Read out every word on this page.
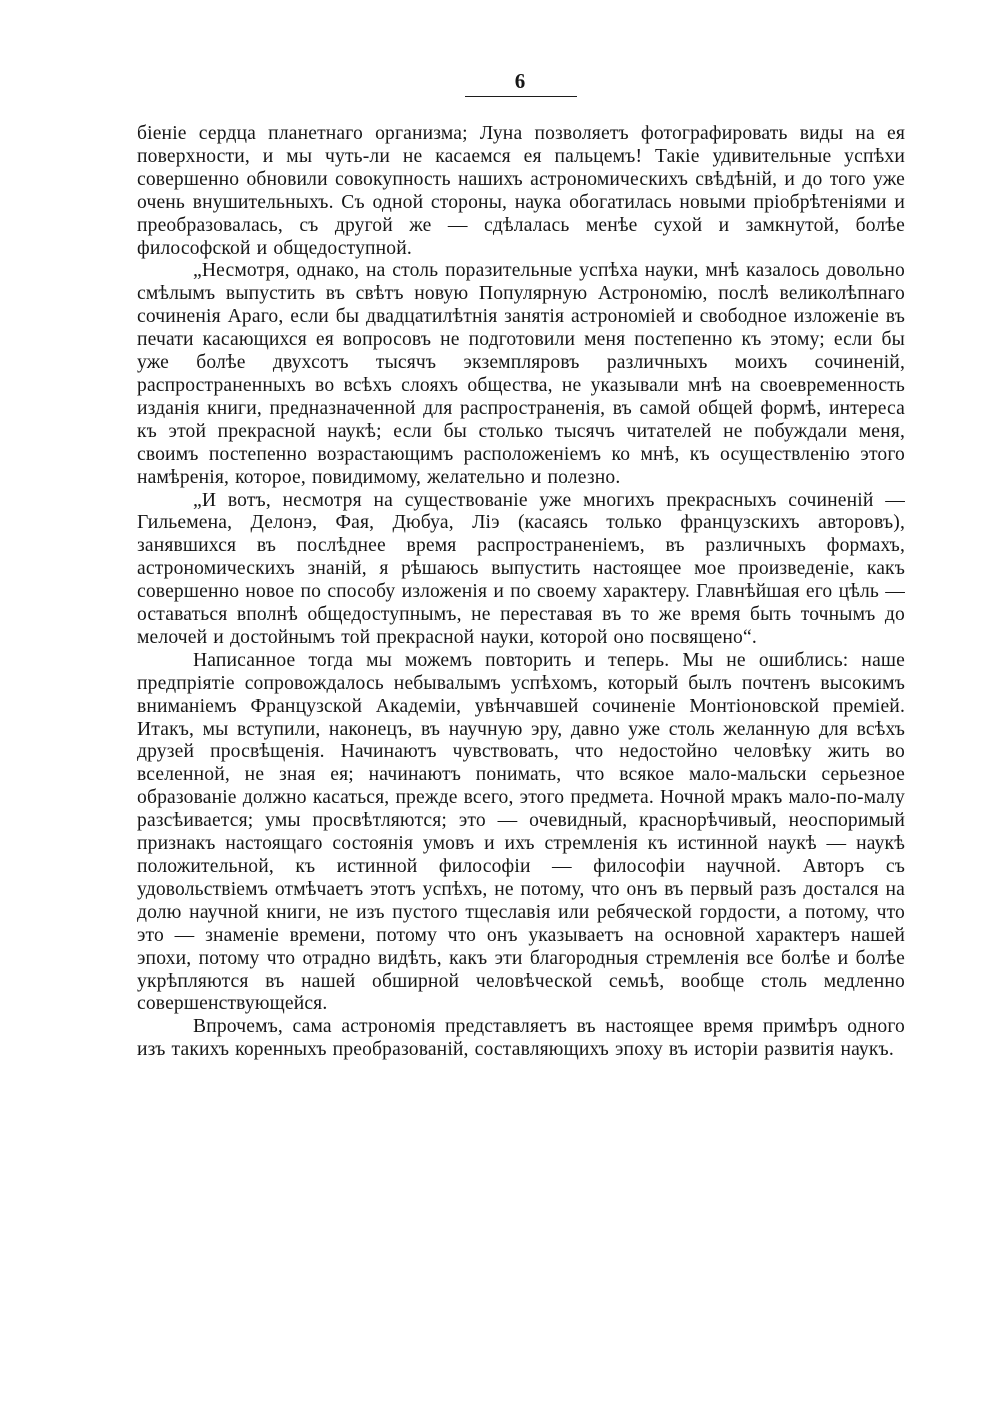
6

біеніе сердца планетнаго организма; Луна позволяетъ фотографировать виды на ея поверхности, и мы чуть-ли не касаемся ея пальцемъ! Такіе удивительные успѣхи совершенно обновили совокупность нашихъ астрономическихъ свѣдѣній, и до того уже очень внушительныхъ. Съ одной стороны, наука обогатилась новыми пріобрѣтеніями и преобразовалась, съ другой же — сдѣлалась менѣе сухой и замкнутой, болѣе философской и общедоступной.

„Несмотря, однако, на столь поразительные успѣха науки, мнѣ казалось довольно смѣлымъ выпустить въ свѣтъ новую Популярную Астрономію, послѣ великолѣпнаго сочиненія Араго, если бы двадцатилѣтнія занятія астрономіей и свободное изложеніе въ печати касающихся ея вопросовъ не подготовили меня постепенно къ этому; если бы уже болѣе двухсотъ тысячъ экземпляровъ различныхъ моихъ сочиненій, распространенныхъ во всѣхъ слояхъ общества, не указывали мнѣ на своевременность изданія книги, предназначенной для распространенія, въ самой общей формѣ, интереса къ этой прекрасной наукѣ; если бы столько тысячъ читателей не побуждали меня, своимъ постепенно возрастающимъ расположеніемъ ко мнѣ, къ осуществленію этого намѣренія, которое, повидимому, желательно и полезно.

„И вотъ, несмотря на существованіе уже многихъ прекрасныхъ сочиненій — Гильемена, Делонэ, Фая, Дюбуа, Ліэ (касаясь только французскихъ авторовъ), занявшихся въ послѣднее время распространеніемъ, въ различныхъ формахъ, астрономическихъ знаній, я рѣшаюсь выпустить настоящее мое произведеніе, какъ совершенно новое по способу изложенія и по своему характеру. Главнѣйшая его цѣль — оставаться вполнѣ общедоступнымъ, не переставая въ то же время быть точнымъ до мелочей и достойнымъ той прекрасной науки, которой оно посвящено“.

Написанное тогда мы можемъ повторить и теперь. Мы не ошиблись: наше предпріятіе сопровождалось небывалымъ успѣхомъ, который былъ почтенъ высокимъ вниманіемъ Французской Академіи, увѣнчавшей сочиненіе Монтіоновской преміей. Итакъ, мы вступили, наконецъ, въ научную эру, давно уже столь желанную для всѣхъ друзей просвѣщенія. Начинаютъ чувствовать, что недостойно человѣку жить во вселенной, не зная ея; начинаютъ понимать, что всякое мало-мальски серьезное образованіе должно касаться, прежде всего, этого предмета. Ночной мракъ мало-по-малу разсѣивается; умы просвѣтляются; это — очевидный, краснорѣчивый, неоспоримый признакъ настоящаго состоянія умовъ и ихъ стремленія къ истинной наукѣ — наукѣ положительной, къ истинной философіи — философіи научной. Авторъ съ удовольствіемъ отмѣчаетъ этотъ успѣхъ, не потому, что онъ въ первый разъ достался на долю научной книги, не изъ пустого тщеславія или ребяческой гордости, а потому, что это — знаменіе времени, потому что онъ указываетъ на основной характеръ нашей эпохи, потому что отрадно видѣть, какъ эти благородныя стремленія все болѣе и болѣе укрѣпляются въ нашей обширной человѣческой семьѣ, вообще столь медленно совершенствующейся.

Впрочемъ, сама астрономія представляетъ въ настоящее время примѣръ одного изъ такихъ коренныхъ преобразованій, составляющихъ эпоху въ исторіи развитія наукъ.
